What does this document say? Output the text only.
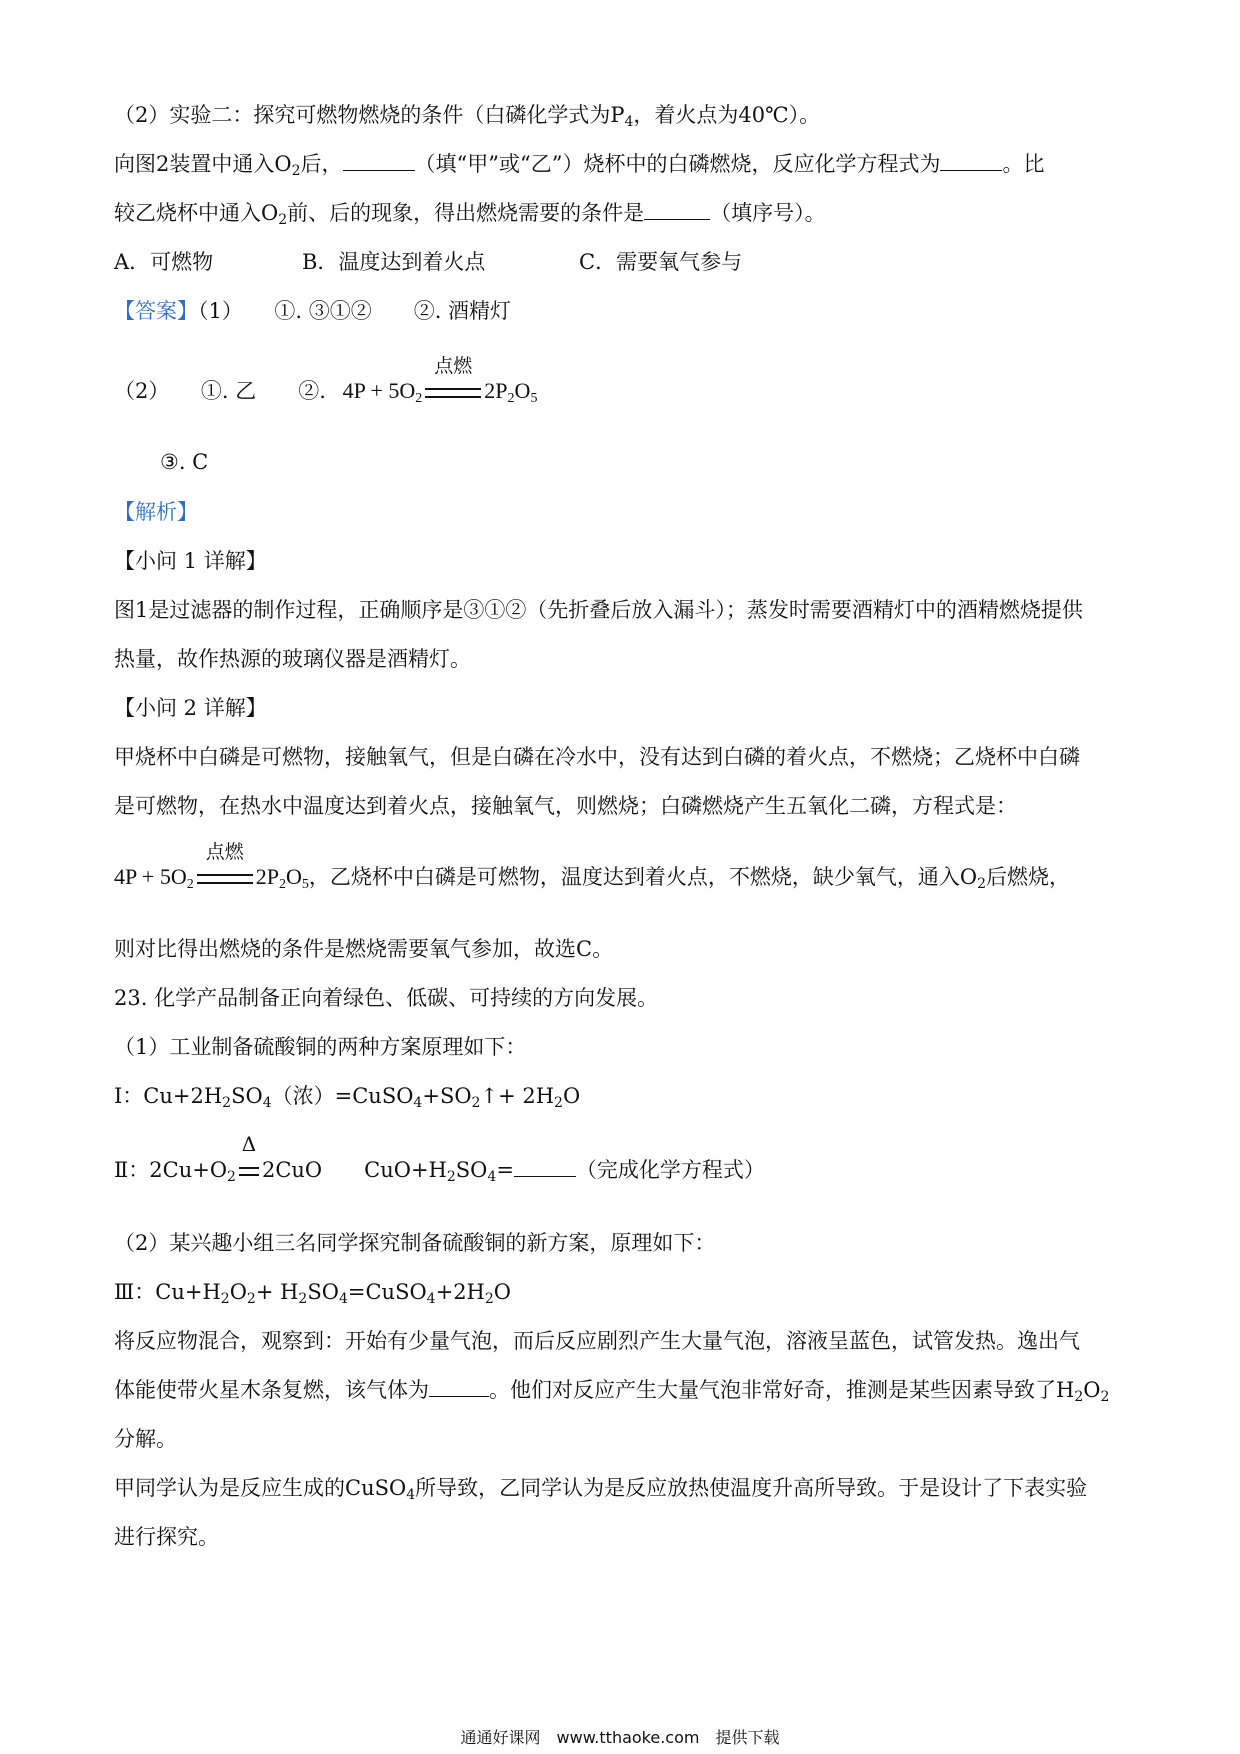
（2）实验二：探究可燃物燃烧的条件（白磷化学式为$P_4$，着火点为40℃）。
向图2装置中通入$O_2$后，	（填“甲”或“乙”）烧杯中的白磷燃烧，反应化学方程式为	。比
较乙烧杯中通入$O_2$前、后的现象，得出燃烧需要的条件是	（填序号）。
A．可燃物	B．温度达到着火点	C．需要氧气参与
【答案】（1）　　①. ③①②　　②. 酒精灯
（2）　　①. 乙　　②. $4P + 5O_2$
点燃
$2P_2O_5$
③. C
【解析】
【小问 1 详解】
图1是过滤器的制作过程，正确顺序是③①②（先折叠后放入漏斗）；蒸发时需要酒精灯中的酒精燃烧提供
热量，故作热源的玻璃仪器是酒精灯。
【小问 2 详解】
甲烧杯中白磷是可燃物，接触氧气，但是白磷在冷水中，没有达到白磷的着火点，不燃烧；乙烧杯中白磷
是可燃物，在热水中温度达到着火点，接触氧气，则燃烧；白磷燃烧产生五氧化二磷，方程式是：
$4P + 5O_2$
点燃
$2P_2O_5$，乙烧杯中白磷是可燃物，温度达到着火点，不燃烧，缺少氧气，通入$O_2$后燃烧，
则对比得出燃烧的条件是燃烧需要氧气参加，故选C。
23. 化学产品制备正向着绿色、低碳、可持续的方向发展。
（1）工业制备硫酸铜的两种方案原理如下：
Ⅰ：$Cu+2H_2SO_4$（浓）$=CuSO_4+SO_2↑+ 2H_2O$
Ⅱ：$2Cu+O_2$
Δ
2CuO　　$CuO+H_2SO_4=$	（完成化学方程式）
（2）某兴趣小组三名同学探究制备硫酸铜的新方案，原理如下：
Ⅲ：$Cu+H_2O_2+$ $H_2SO_4=CuSO_4+2H_2O$
将反应物混合，观察到：开始有少量气泡，而后反应剧烈产生大量气泡，溶液呈蓝色，试管发热。逸出气
体能使带火星木条复燃，该气体为	。他们对反应产生大量气泡非常好奇，推测是某些因素导致了$H_2O_2$
分解。
甲同学认为是反应生成的CuSO$_4$所导致，乙同学认为是反应放热使温度升高所导致。于是设计了下表实验
进行探究。
通通好课网　www.tthaoke.com　提供下载
